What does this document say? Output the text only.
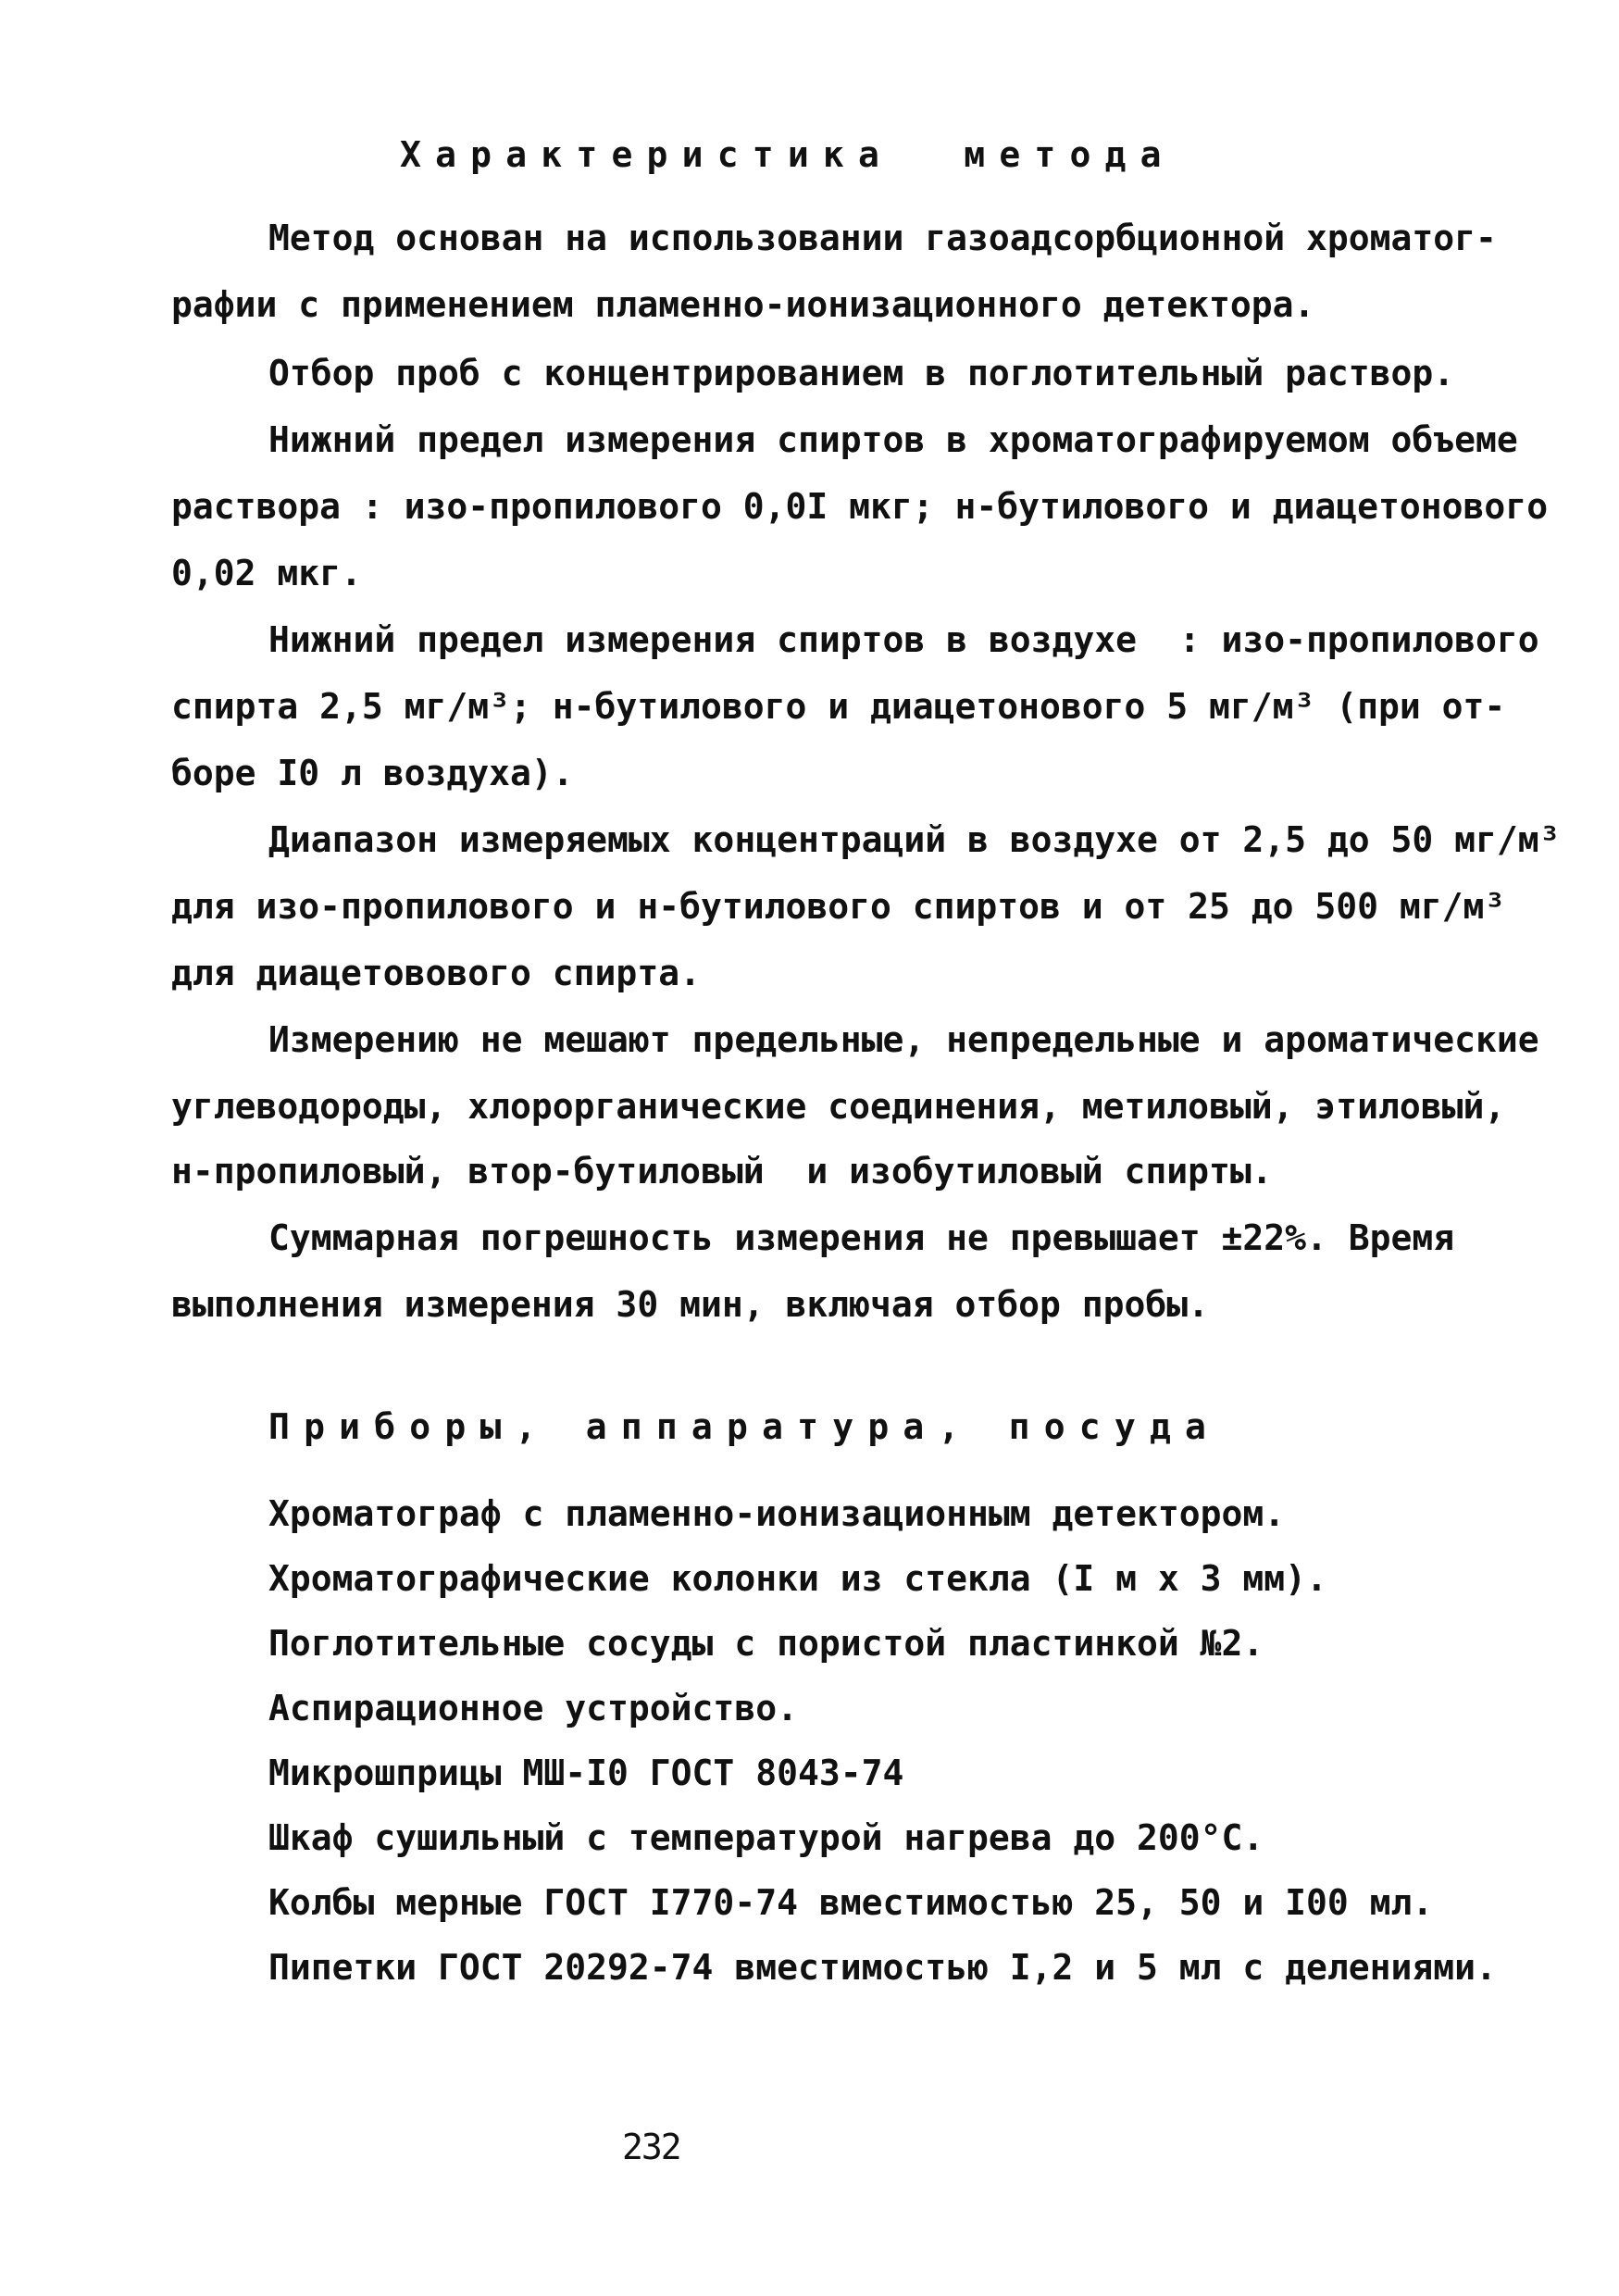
Характеристика  метода
Метод основан на использовании газоадсорбционной хроматог-
рафии с применением пламенно-ионизационного детектора.
Отбор проб с концентрированием в поглотительный раствор.
Нижний предел измерения спиртов в хроматографируемом объеме
раствора : изо-пропилового 0,0I мкг; н-бутилового и диацетонового
0,02 мкг.
Нижний предел измерения спиртов в воздухе  : изо-пропилового
спирта 2,5 мг/м³; н-бутилового и диацетонового 5 мг/м³ (при от-
боре I0 л воздуха).
Диапазон измеряемых концентраций в воздухе от 2,5 до 50 мг/м³
для изо-пропилового и н-бутилового спиртов и от 25 до 500 мг/м³
для диацетовового спирта.
Измерению не мешают предельные, непредельные и ароматические
углеводороды, хлорорганические соединения, метиловый, этиловый,
н-пропиловый, втор-бутиловый  и изобутиловый спирты.
Суммарная погрешность измерения не превышает ±22%. Время
выполнения измерения 30 мин, включая отбор пробы.
Приборы, аппаратура, посуда
Хроматограф с пламенно-ионизационным детектором.
Хроматографические колонки из стекла (I м х 3 мм).
Поглотительные сосуды с пористой пластинкой №2.
Аспирационное устройство.
Микрошприцы МШ-I0 ГОСТ 8043-74
Шкаф сушильный с температурой нагрева до 200°С.
Колбы мерные ГОСТ I770-74 вместимостью 25, 50 и I00 мл.
Пипетки ГОСТ 20292-74 вместимостью I,2 и 5 мл с делениями.
232
